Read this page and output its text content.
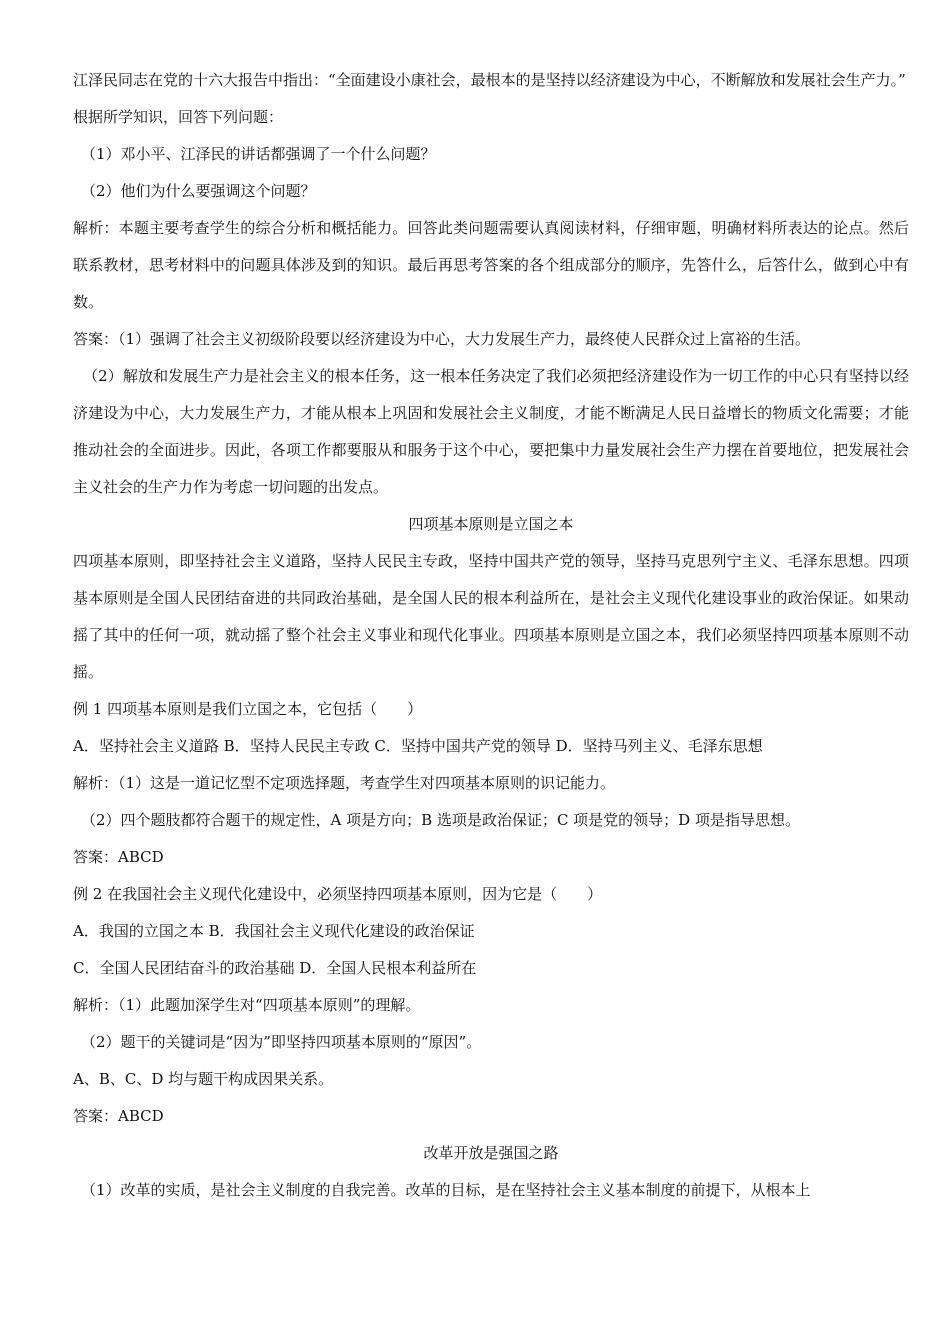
江泽民同志在党的十六大报告中指出：“全面建设小康社会，最根本的是坚持以经济建设为中心，不断解放和发展社会生产力。”

根据所学知识，回答下列问题：

（1）邓小平、江泽民的讲话都强调了一个什么问题？

（2）他们为什么要强调这个问题？

解析：本题主要考查学生的综合分析和概括能力。回答此类问题需要认真阅读材料，仔细审题，明确材料所表达的论点。然后联系教材，思考材料中的问题具体涉及到的知识。最后再思考答案的各个组成部分的顺序，先答什么，后答什么，做到心中有数。

答案：（1）强调了社会主义初级阶段要以经济建设为中心，大力发展生产力，最终使人民群众过上富裕的生活。

（2）解放和发展生产力是社会主义的根本任务，这一根本任务决定了我们必须把经济建设作为一切工作的中心只有坚持以经济建设为中心，大力发展生产力，才能从根本上巩固和发展社会主义制度，才能不断满足人民日益增长的物质文化需要；才能推动社会的全面进步。因此，各项工作都要服从和服务于这个中心，要把集中力量发展社会生产力摆在首要地位，把发展社会主义社会的生产力作为考虑一切问题的出发点。

四项基本原则是立国之本

四项基本原则，即坚持社会主义道路，坚持人民民主专政，坚持中国共产党的领导，坚持马克思列宁主义、毛泽东思想。四项基本原则是全国人民团结奋进的共同政治基础，是全国人民的根本利益所在，是社会主义现代化建设事业的政治保证。如果动摇了其中的任何一项，就动摇了整个社会主义事业和现代化事业。四项基本原则是立国之本，我们必须坚持四项基本原则不动摇。

例 1 四项基本原则是我们立国之本，它包括（　　）

A．坚持社会主义道路 B．坚持人民民主专政 C．坚持中国共产党的领导 D．坚持马列主义、毛泽东思想

解析：（1）这是一道记忆型不定项选择题，考查学生对四项基本原则的识记能力。

（2）四个题肢都符合题干的规定性，A 项是方向；B 选项是政治保证；C 项是党的领导；D 项是指导思想。

答案：ABCD

例 2 在我国社会主义现代化建设中，必须坚持四项基本原则，因为它是（　　）

A．我国的立国之本 B．我国社会主义现代化建设的政治保证

C．全国人民团结奋斗的政治基础 D．全国人民根本利益所在

解析：（1）此题加深学生对“四项基本原则”的理解。

（2）题干的关键词是“因为”即坚持四项基本原则的“原因”。

A、B、C、D 均与题干构成因果关系。

答案：ABCD

改革开放是强国之路

（1）改革的实质，是社会主义制度的自我完善。改革的目标，是在坚持社会主义基本制度的前提下，从根本上
